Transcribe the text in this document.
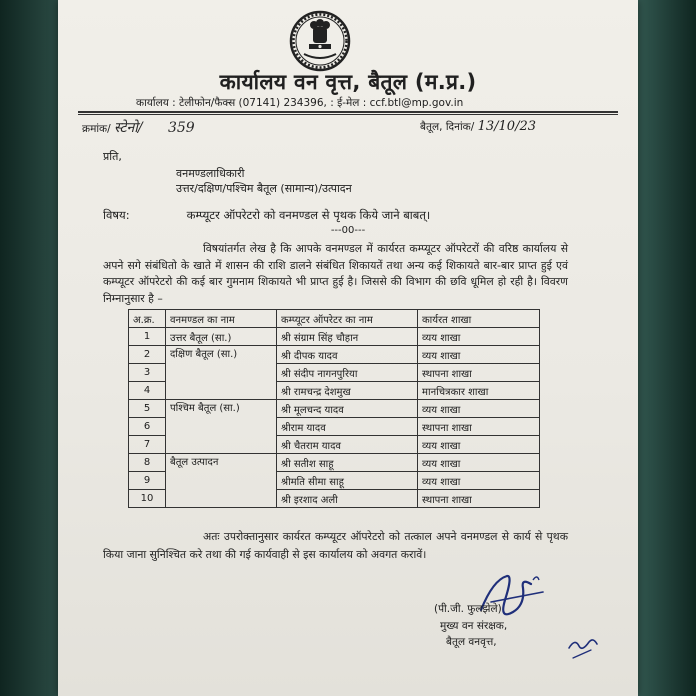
कार्यालय वन वृत्त, बैतूल (म.प्र.)
कार्यालय : टेलीफोन/फैक्स (07141) 234396, : ई-मेल : ccf.btl@mp.gov.in
क्रमांक/ स्टेनो/ 359	बैतूल, दिनांक/ 13/10/23
प्रति,
वनमण्डलाधिकारी
उत्तर/दक्षिण/पश्चिम बैतूल (सामान्य)/उत्पादन
विषय:	कम्प्यूटर ऑपरेटरो को वनमण्डल से पृथक किये जाने बाबत्।
---00---
विषयांतर्गत लेख है कि आपके वनमण्डल में कार्यरत कम्प्यूटर ऑपरेटरों की वरिष्ठ कार्यालय से अपने सगे संबंधितो के खाते में शासन की राशि डालने संबंधित शिकायतें तथा अन्य कई शिकायते बार-बार प्राप्त हुई एवं कम्प्यूटर ऑपरेटरो की कई बार गुमनाम शिकायते भी प्राप्त हुई है। जिससे की विभाग की छवि धूमिल हो रही है। विवरण निम्नानुसार है –
अ.क्र.	वनमण्डल का नाम	कम्प्यूटर ऑपरेटर का नाम	कार्यरत शाखा
1	उत्तर बैतूल (सा.)	श्री संग्राम सिंह चौहान	व्यय शाखा
2	दक्षिण बैतूल (सा.)	श्री दीपक यादव	व्यय शाखा
3		श्री संदीप नागनपुरिया	स्थापना शाखा
4		श्री रामचन्द्र देशमुख	मानचित्रकार शाखा
5	पश्चिम बैतूल (सा.)	श्री मूलचन्द यादव	व्यय शाखा
6		श्रीराम यादव	स्थापना शाखा
7		श्री चैतराम यादव	व्यय शाखा
8	बैतूल उत्पादन	श्री सतीश साहू	व्यय शाखा
9		श्रीमति सीमा साहू	व्यय शाखा
10		श्री इरशाद अली	स्थापना शाखा
अतः उपरोक्तानुसार कार्यरत कम्प्यूटर ऑपरेटरो को तत्काल अपने वनमण्डल से कार्य से पृथक किया जाना सुनिश्चित करे तथा की गई कार्यवाही से इस कार्यालय को अवगत करावें।
(पी.जी. फुलझेले)
मुख्य वन संरक्षक,
बैतूल वनवृत्त,
